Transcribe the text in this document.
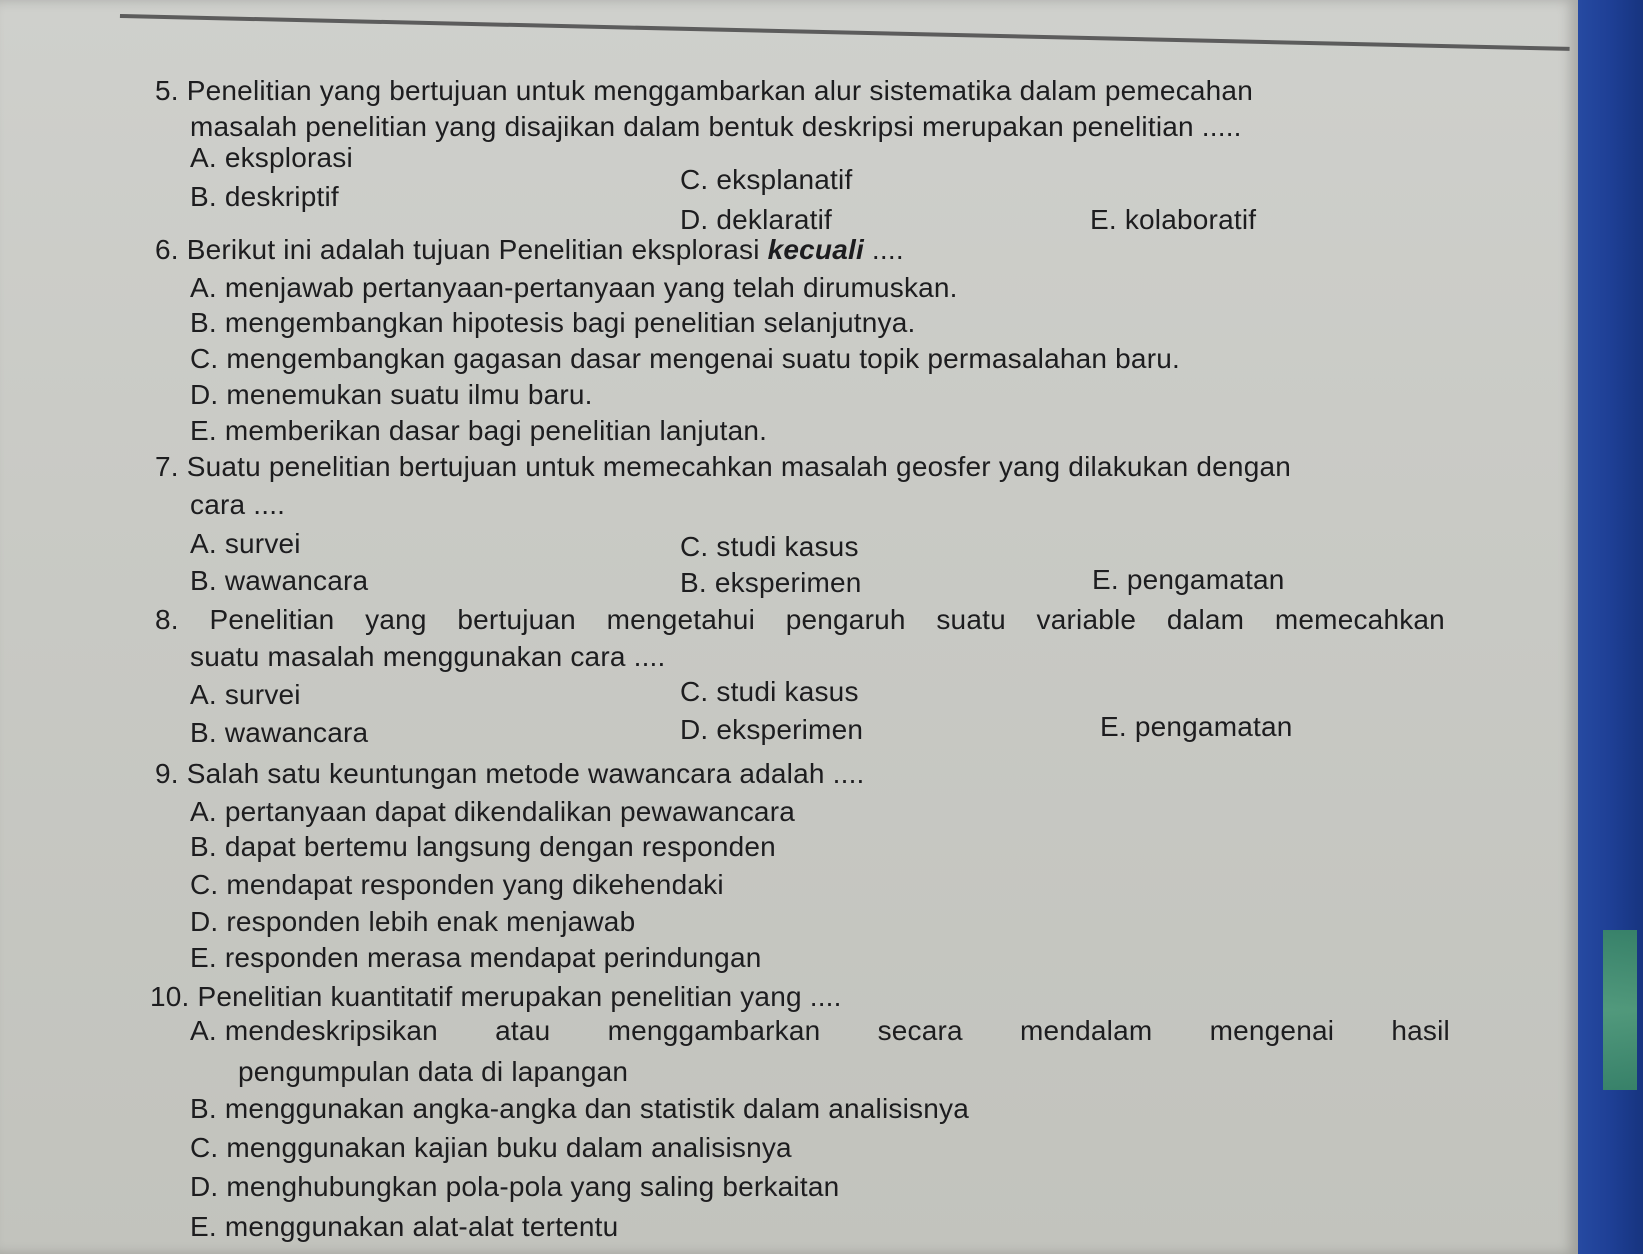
5. Penelitian yang bertujuan untuk menggambarkan alur sistematika dalam pemecahan
masalah penelitian yang disajikan dalam bentuk deskripsi merupakan penelitian .....
A. eksplorasi
C. eksplanatif
B. deskriptif
D. deklaratif	E. kolaboratif
6. Berikut ini adalah tujuan Penelitian eksplorasi kecuali ....
A. menjawab pertanyaan-pertanyaan yang telah dirumuskan.
B. mengembangkan hipotesis bagi penelitian selanjutnya.
C. mengembangkan gagasan dasar mengenai suatu topik permasalahan baru.
D. menemukan suatu ilmu baru.
E. memberikan dasar bagi penelitian lanjutan.
7. Suatu penelitian bertujuan untuk memecahkan masalah geosfer yang dilakukan dengan
cara ....
A. survei	C. studi kasus
B. wawancara	B. eksperimen	E. pengamatan
8. Penelitian yang bertujuan mengetahui pengaruh suatu variable dalam memecahkan
suatu masalah menggunakan cara ....
C. studi kasus
A. survei
D. eksperimen	E. pengamatan
B. wawancara
9. Salah satu keuntungan metode wawancara adalah ....
A. pertanyaan dapat dikendalikan pewawancara
B. dapat bertemu langsung dengan responden
C. mendapat responden yang dikehendaki
D. responden lebih enak menjawab
E. responden merasa mendapat perindungan
10. Penelitian kuantitatif merupakan penelitian yang ....
A. mendeskripsikan atau menggambarkan secara mendalam mengenai hasil
pengumpulan data di lapangan
B. menggunakan angka-angka dan statistik dalam analisisnya
C. menggunakan kajian buku dalam analisisnya
D. menghubungkan pola-pola yang saling berkaitan
E. menggunakan alat-alat tertentu
